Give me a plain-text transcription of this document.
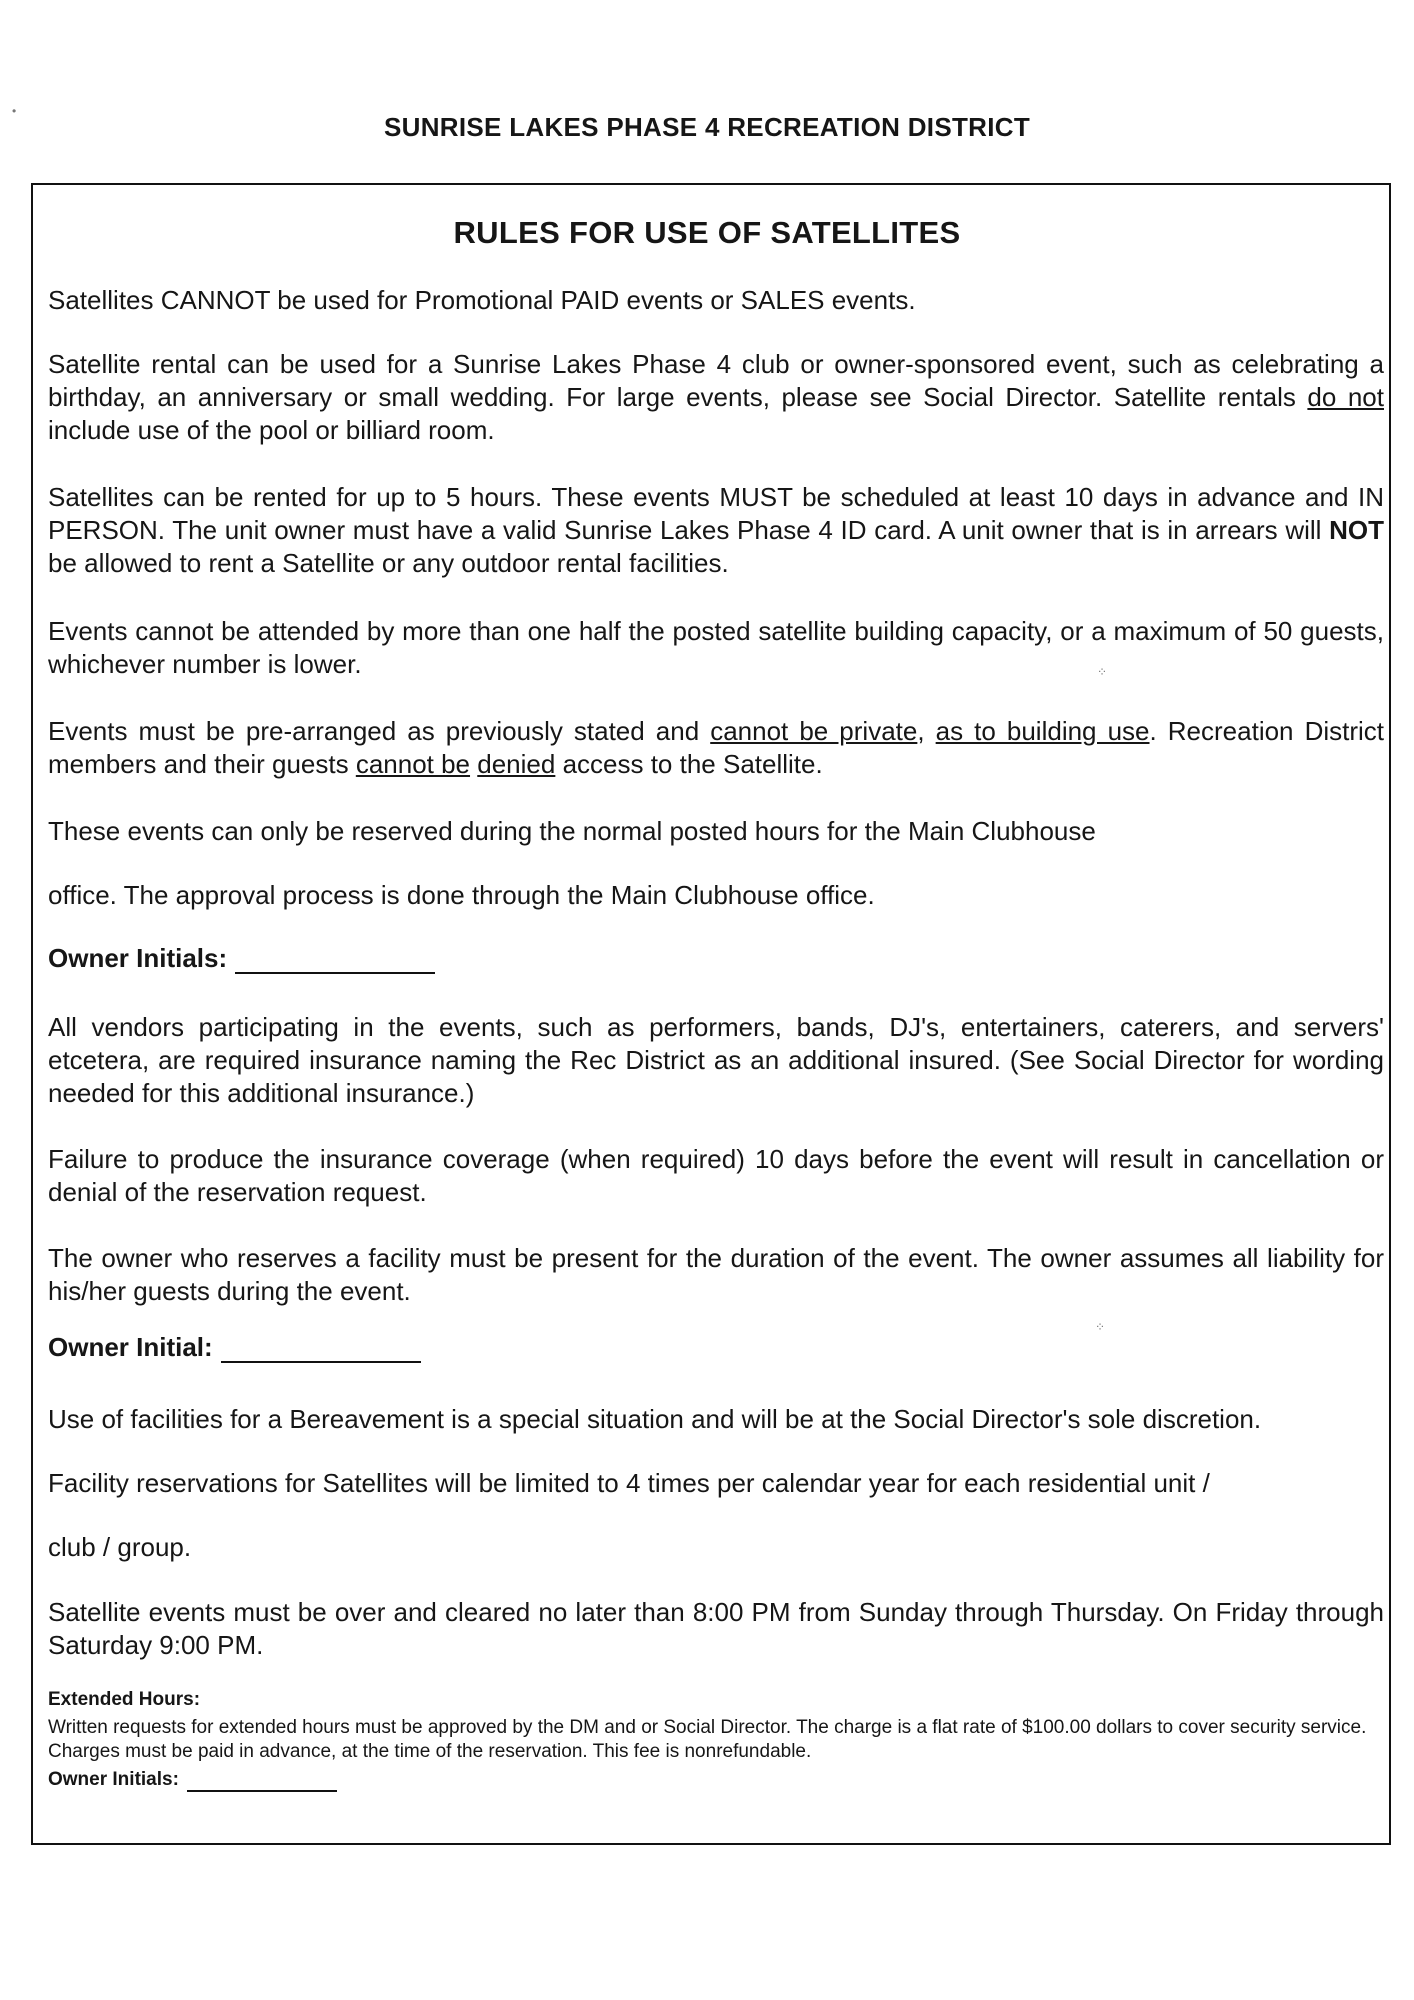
SUNRISE LAKES PHASE 4 RECREATION DISTRICT
RULES FOR USE OF SATELLITES

Satellites CANNOT be used for Promotional PAID events or SALES events.

Satellite rental can be used for a Sunrise Lakes Phase 4 club or owner-sponsored event, such as celebrating a birthday, an anniversary or small wedding. For large events, please see Social Director. Satellite rentals do not include use of the pool or billiard room.

Satellites can be rented for up to 5 hours. These events MUST be scheduled at least 10 days in advance and IN PERSON. The unit owner must have a valid Sunrise Lakes Phase 4 ID card. A unit owner that is in arrears will NOT be allowed to rent a Satellite or any outdoor rental facilities.

Events cannot be attended by more than one half the posted satellite building capacity, or a maximum of 50 guests, whichever number is lower.

Events must be pre-arranged as previously stated and cannot be private, as to building use. Recreation District members and their guests cannot be denied access to the Satellite.

These events can only be reserved during the normal posted hours for the Main Clubhouse

office. The approval process is done through the Main Clubhouse office.

Owner Initials:

All vendors participating in the events, such as performers, bands, DJ's, entertainers, caterers, and servers' etcetera, are required insurance naming the Rec District as an additional insured. (See Social Director for wording needed for this additional insurance.)

Failure to produce the insurance coverage (when required) 10 days before the event will result in cancellation or denial of the reservation request.

The owner who reserves a facility must be present for the duration of the event. The owner assumes all liability for his/her guests during the event.

Owner Initial:

Use of facilities for a Bereavement is a special situation and will be at the Social Director's sole discretion.

Facility reservations for Satellites will be limited to 4 times per calendar year for each residential unit /

club / group.

Satellite events must be over and cleared no later than 8:00 PM from Sunday through Thursday. On Friday through Saturday 9:00 PM.

Extended Hours:

Written requests for extended hours must be approved by the DM and or Social Director. The charge is a flat rate of $100.00 dollars to cover security service. Charges must be paid in advance, at the time of the reservation. This fee is nonrefundable.

Owner Initials:
•
⁘
⁘
